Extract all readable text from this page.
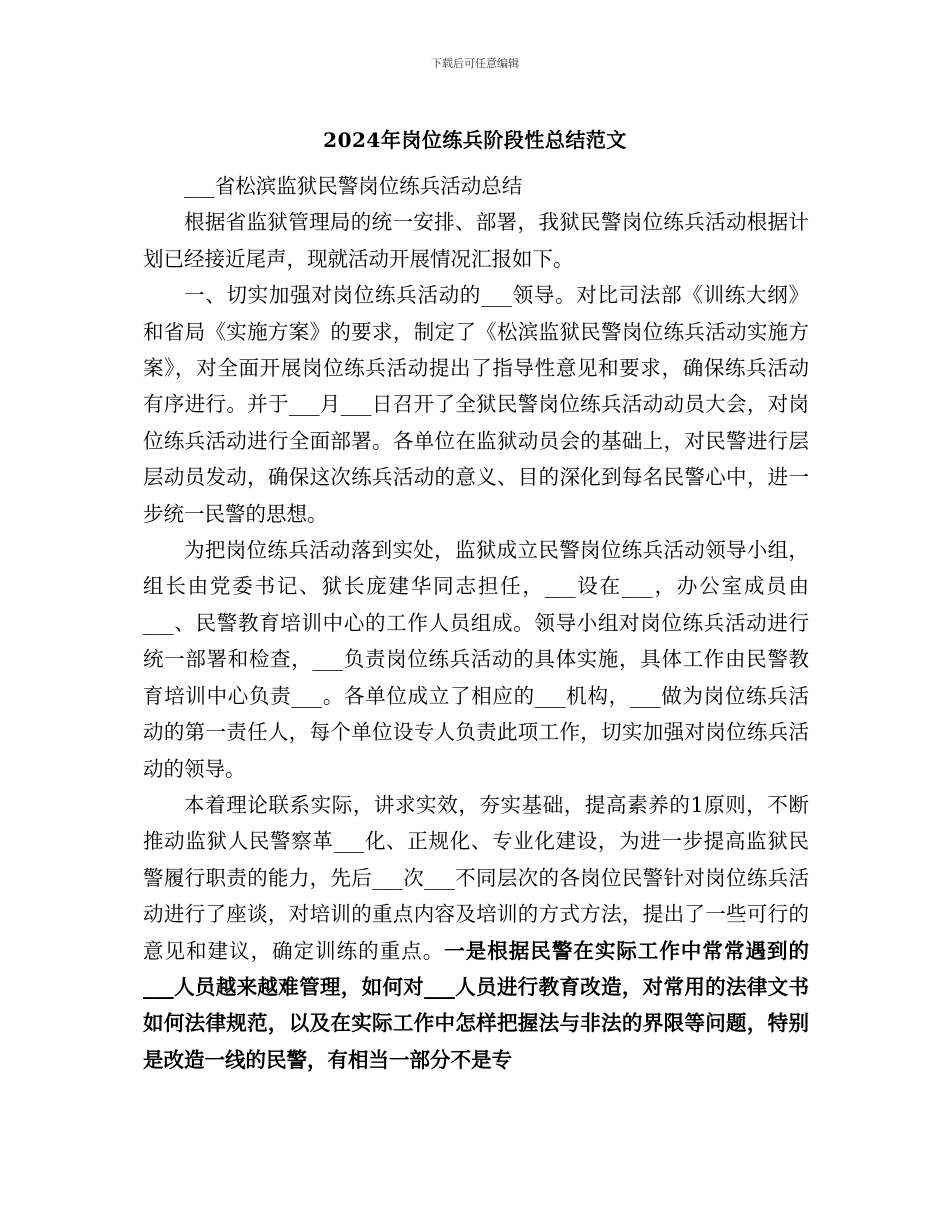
下载后可任意编辑
2024年岗位练兵阶段性总结范文

___省松滨监狱民警岗位练兵活动总结

根据省监狱管理局的统一安排、部署，我狱民警岗位练兵活动根据计划已经接近尾声，现就活动开展情况汇报如下。

一、切实加强对岗位练兵活动的___领导。对比司法部《训练大纲》和省局《实施方案》的要求，制定了《松滨监狱民警岗位练兵活动实施方案》，对全面开展岗位练兵活动提出了指导性意见和要求，确保练兵活动有序进行。并于___月___日召开了全狱民警岗位练兵活动动员大会，对岗位练兵活动进行全面部署。各单位在监狱动员会的基础上，对民警进行层层动员发动，确保这次练兵活动的意义、目的深化到每名民警心中，进一步统一民警的思想。

为把岗位练兵活动落到实处，监狱成立民警岗位练兵活动领导小组，组长由党委书记、狱长庞建华同志担任，___设在___，办公室成员由___、民警教育培训中心的工作人员组成。领导小组对岗位练兵活动进行统一部署和检查，___负责岗位练兵活动的具体实施，具体工作由民警教育培训中心负责___。各单位成立了相应的___机构，___做为岗位练兵活动的第一责任人，每个单位设专人负责此项工作，切实加强对岗位练兵活动的领导。

本着理论联系实际，讲求实效，夯实基础，提高素养的1原则，不断推动监狱人民警察革___化、正规化、专业化建设，为进一步提高监狱民警履行职责的能力，先后___次___不同层次的各岗位民警针对岗位练兵活动进行了座谈，对培训的重点内容及培训的方式方法，提出了一些可行的意见和建议，确定训练的重点。一是根据民警在实际工作中常常遇到的___人员越来越难管理，如何对___人员进行教育改造，对常用的法律文书如何法律规范，以及在实际工作中怎样把握法与非法的界限等问题，特别是改造一线的民警，有相当一部分不是专
